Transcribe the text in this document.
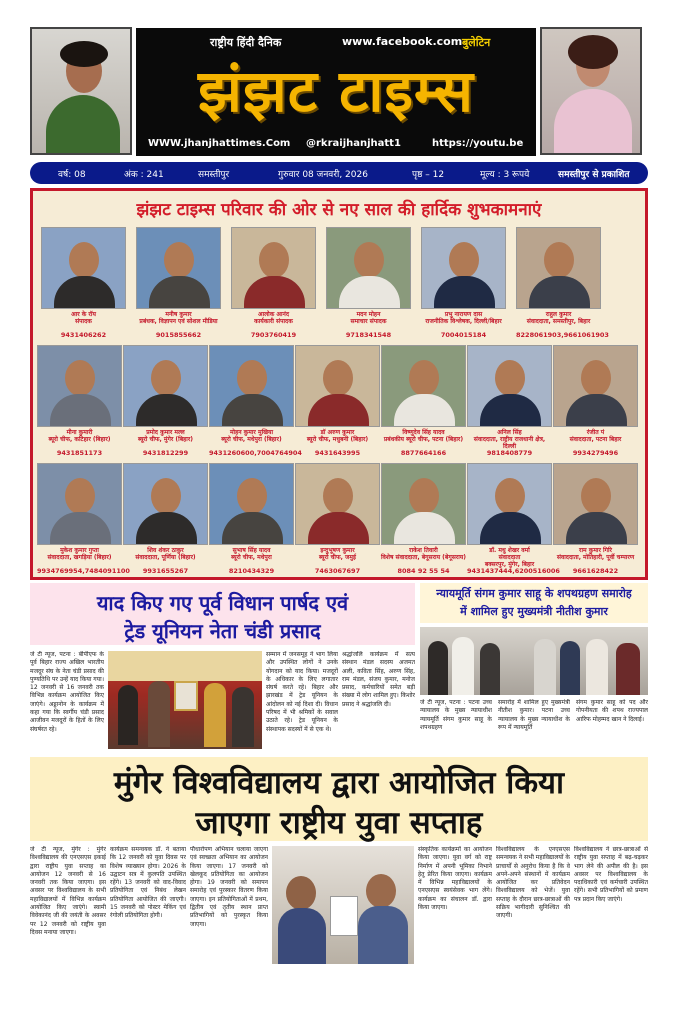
राष्ट्रीय हिंदी दैनिक	www.facebook.com बुलेटिन
झंझट टाइम्स
WWW.jhanjhattimes.Com @rkraijhanjhatt1	https://youtu.be
वर्ष: 08	अंक : 241	समस्तीपुर	गुरुवार 08 जनवरी, 2026	पृष्ठ – 12	मूल्य : 3 रूपये	समस्तीपुर से प्रकाशित
झंझट टाइम्स परिवार की ओर से नए साल की हार्दिक शुभकामनाएं
आर के रॉय
संपादक
9431406262
मनीष कुमार
प्रबंधक, विज्ञापन एवं सोशल मीडिया
9015855662
आलोक आनंद
कार्यकारी संपादक
7903760419
मदन मोहन
समाचार संपादक
9718341548
प्रभु नारायण दास
राजनीतिक विश्लेषक, दिल्ली/बिहार
7004015184
राहुल कुमार
संवाददाता, समस्तीपुर, बिहार
8228061903,9661061903
मीना कुमारी
ब्यूरो चीफ, कटिहार (बिहार)
9431851173
प्रमोद कुमार मल्ल
ब्यूरो चीफ, मुंगेर (बिहार)
9431812299
मोहन कुमार मुखिया
ब्यूरो चीफ, मधेपुरा (बिहार)
9431260600,7004764904
डॉ अरुण कुमार
ब्यूरो चीफ, मधुबनी (बिहार)
9431643995
विष्णुदेव सिंह यादव
प्रबंधकीय ब्यूरो चीफ, पटना (बिहार)
8877664166
अनिल सिंह
संवाददाता, राष्ट्रीय राजधानी क्षेत्र, दिल्ली
9818408779
रंजीत पं
संवाददाता, पटना बिहार
9934279496
मुकेश कुमार गुप्ता
संवाददाता, खगड़िया (बिहार)
9934769954,7484091100
शिव शंकर ठाकुर
संवाददाता, पूर्णिया (बिहार)
9931655267
सुभाष सिंह यादव
ब्यूरो चीफ, मधेपुरा
8210434329
इन्दुभूषण कुमार
ब्यूरो चीफ, जमुई
7463067697
राकेश तिवारी
विशेष संवाददाता, बेगूसराय (बेगूसराय)
8084 92 55 54
डॉ. मधु शेखर वर्मा
संवाददाता
बक्सरपुर, मुंगेर, बिहार
9431437444,6200516006
राम कुमार गिरि
संवाददाता, मोतिहारी, पूर्वी चम्पारण
9661628422
याद किए गए पूर्व विधान पार्षद एवं
ट्रेड यूनियन नेता चंडी प्रसाद
जे टी न्यूज, पटना : बीपीएफ के पूर्व बिहार राज्य अखिल भारतीय मजदूर संघ के नेता चंडी प्रसाद की पुण्यतिथि पर उन्हें याद किया गया। 12 जनवरी से 16 जनवरी तक विभिन्न कार्यक्रम आयोजित किए जाएंगे। अड्डानोन के कार्यक्रम में कहा गया कि स्वर्गीय चंडी प्रसाद आजीवन मजदूरों के हितों के लिए संघर्षरत रहे।
सम्मान में जनसमूह ने भाग लिया और उपस्थित लोगों ने उनके योगदान को याद किया। मजदूरों के अधिकार के लिए लगातार संघर्ष करते रहे। बिहार और झारखंड में ट्रेड यूनियन के आंदोलन को नई दिशा दी। विधान परिषद में भी श्रमिकों के सवाल उठाते रहे। ट्रेड यूनियन के संस्थापक सदस्यों में से एक थे।
श्रद्धांजलि कार्यक्रम में सत्य संस्थान मंडल सदस्य अजमत अली, कविता सिंह, अरुण सिंह, राम मंडल, संजय कुमार, मनोज प्रसाद, कर्मचारियों समेत बड़ी संख्या में लोग शामिल हुए। किशोर प्रसाद ने श्रद्धांजलि दी।
न्यायमूर्ति संगम कुमार साहू के शपथग्रहण समारोह
में शामिल हुए मुख्यमंत्री नीतीश कुमार
जे टी न्यूज, पटना : पटना उच्च न्यायालय के मुख्य न्यायाधीश न्यायमूर्ति संगम कुमार साहू के शपथग्रहण
समारोह में शामिल हुए मुख्यमंत्री नीतीश कुमार। पटना उच्च न्यायालय के मुख्य न्यायाधीश के रूप में न्यायमूर्ति
संगम कुमार साहू को पद और गोपनीयता की शपथ राज्यपाल आरिफ मोहम्मद खान ने दिलाई।
मुंगेर विश्वविद्यालय द्वारा आयोजित किया
जाएगा राष्ट्रीय युवा सप्ताह
जे टी न्यूज, मुंगेर : मुंगेर विश्वविद्यालय की एनएसएस इकाई द्वारा राष्ट्रीय युवा सप्ताह का आयोजन 12 जनवरी से 16 जनवरी तक किया जाएगा। इस अवसर पर विश्वविद्यालय के सभी महाविद्यालयों में विभिन्न कार्यक्रम आयोजित किए जाएंगे। स्वामी विवेकानंद जी की जयंती के अवसर पर 12 जनवरी को राष्ट्रीय युवा दिवस मनाया जाएगा।
कार्यक्रम समन्वयक डॉ. ने बताया कि 12 जनवरी को युवा दिवस पर विशेष व्याख्यान होगा। 2026 के उद्घाटन सत्र में कुलपति उपस्थित रहेंगे। 13 जनवरी को वाद-विवाद प्रतियोगिता एवं निबंध लेखन प्रतियोगिता आयोजित की जाएगी। 15 जनवरी को पोस्टर मेकिंग एवं रंगोली प्रतियोगिता होगी।
पौधारोपण अभियान चलाया जाएगा एवं स्वच्छता अभियान का आयोजन किया जाएगा। 17 जनवरी को खेलकूद प्रतियोगिता का आयोजन होगा। 19 जनवरी को समापन समारोह एवं पुरस्कार वितरण किया जाएगा। इन प्रतियोगिताओं में प्रथम, द्वितीय एवं तृतीय स्थान प्राप्त प्रतिभागियों को पुरस्कृत किया जाएगा।
संस्कृतिक कार्यक्रमों का आयोजन किया जाएगा। युवा वर्ग को राष्ट्र निर्माण में अपनी भूमिका निभाने हेतु प्रेरित किया जाएगा। कार्यक्रम में विभिन्न महाविद्यालयों के एनएसएस स्वयंसेवक भाग लेंगे। कार्यक्रम का संचालन डॉ. द्वारा किया जाएगा।
विश्वविद्यालय के एनएसएस समन्वयक ने सभी महाविद्यालयों के प्राचार्यों से अनुरोध किया है कि वे अपने-अपने संस्थानों में कार्यक्रम आयोजित कर प्रतिवेदन विश्वविद्यालय को भेजें। युवा सप्ताह के दौरान छात्र-छात्राओं की सक्रिय भागीदारी सुनिश्चित की जाएगी।
विश्वविद्यालय ने छात्र-छात्राओं से राष्ट्रीय युवा सप्ताह में बढ़-चढ़कर भाग लेने की अपील की है। इस अवसर पर विश्वविद्यालय के पदाधिकारी एवं कर्मचारी उपस्थित रहेंगे। सभी प्रतिभागियों को प्रमाण पत्र प्रदान किए जाएंगे।
